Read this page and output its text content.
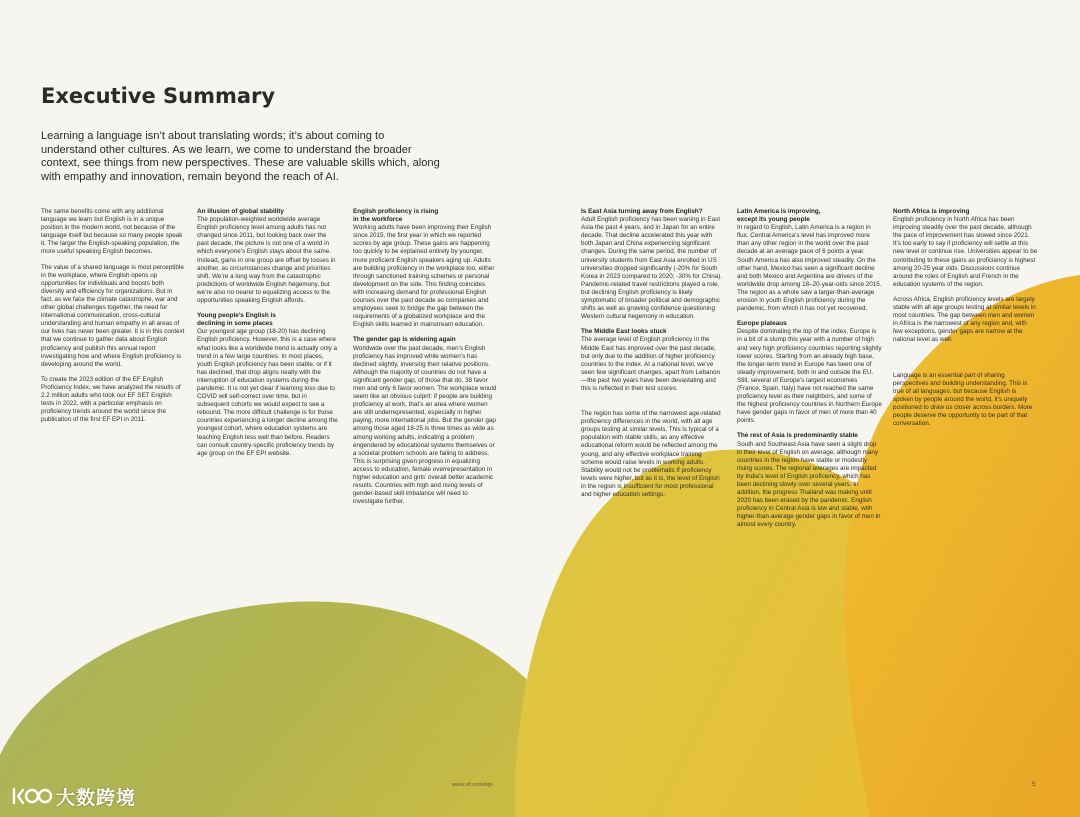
Executive Summary

Learning a language isn’t about translating words; it’s about coming to understand other cultures. As we learn, we come to understand the broader context, see things from new perspectives. These are valuable skills which, along with empathy and innovation, remain beyond the reach of AI.

The same benefits come with any additional language we learn but English is in a unique position in the modern world, not because of the language itself but because so many people speak it. The larger the English-speaking population, the more useful speaking English becomes.

The value of a shared language is most perceptible in the workplace, where English opens up opportunities for individuals and boosts both diversity and efficiency for organizations. But in fact, as we face the climate catastrophe, war and other global challenges together, the need for international communication, cross-cultural understanding and human empathy in all areas of our lives has never been greater. It is in this context that we continue to gather data about English proficiency and publish this annual report investigating how and where English proficiency is developing around the world.

To create the 2023 edition of the EF English Proficiency Index, we have analyzed the results of 2.2 million adults who took our EF SET English tests in 2022, with a particular emphasis on proficiency trends around the world since the publication of the first EF EPI in 2011.

An illusion of global stability

The population-weighted worldwide average English proficiency level among adults has not changed since 2011, but looking back over the past decade, the picture is not one of a world in which everyone’s English stays about the same. Instead, gains in one group are offset by losses in another, as circumstances change and priorities shift. We’re a long way from the catastrophic predictions of worldwide English hegemony, but we’re also no nearer to equalizing access to the opportunities speaking English affords.

Young people’s English is
declining in some places

Our youngest age group (18-20) has declining English proficiency. However, this is a case where what looks like a worldwide trend is actually only a trend in a few large countries. In most places, youth English proficiency has been stable, or if it has declined, that drop aligns neatly with the interruption of education systems during the pandemic. It is not yet clear if learning loss due to COVID will self-correct over time, but in subsequent cohorts we would expect to see a rebound. The more difficult challenge is for those countries experiencing a longer decline among the youngest cohort, where education systems are teaching English less well than before. Readers can consult country-specific proficiency trends by age group on the EF EPI website.

English proficiency is rising
in the workforce

Working adults have been improving their English since 2015, the first year in which we reported scores by age group. These gains are happening too quickly to be explained entirely by younger, more proficient English speakers aging up. Adults are building proficiency in the workplace too, either through sanctioned training schemes or personal development on the side. This finding coincides with increasing demand for professional English courses over the past decade as companies and employees seek to bridge the gap between the requirements of a globalized workplace and the English skills learned in mainstream education.

The gender gap is widening again

Worldwide over the past decade, men’s English proficiency has improved while women’s has declined slightly, inversing their relative positions. Although the majority of countries do not have a significant gender gap, of those that do, 38 favor men and only 6 favor women. The workplace would seem like an obvious culprit: if people are building proficiency at work, that’s an area where women are still underrepresented, especially in higher paying, more international jobs. But the gender gap among those aged 18-25 is three times as wide as among working adults, indicating a problem engendered by educational systems themselves or a societal problem schools are failing to address. This is surprising given progress in equalizing access to education, female overrepresentation in higher education and girls’ overall better academic results. Countries with high and rising levels of gender-based skill imbalance will need to investigate further.

Is East Asia turning away from English?

Adult English proficiency has been waning in East Asia the past 4 years, and in Japan for an entire decade. That decline accelerated this year with both Japan and China experiencing significant changes. During the same period, the number of university students from East Asia enrolled in US universities dropped significantly (-20% for South Korea in 2023 compared to 2020; -30% for China). Pandemic-related travel restrictions played a role, but declining English proficiency is likely symptomatic of broader political and demographic shifts as well as growing confidence questioning Western cultural hegemony in education.

The Middle East looks stuck

The average level of English proficiency in the Middle East has improved over the past decade, but only due to the addition of higher proficiency countries to the index. At a national level, we’ve seen few significant changes, apart from Lebanon—the past two years have been devastating and this is reflected in their test scores.

The region has some of the narrowest age-related proficiency differences in the world, with all age groups testing at similar levels. This is typical of a population with stable skills, as any effective educational reform would be reflected among the young, and any effective workplace training scheme would raise levels in working adults. Stability would not be problematic if proficiency levels were higher, but as it is, the level of English in the region is insufficient for most professional and higher education settings.

Latin America is improving,
except its young people

In regard to English, Latin America is a region in flux. Central America’s level has improved more than any other region in the world over the past decade at an average pace of 6 points a year. South America has also improved steadily. On the other hand, Mexico has seen a significant decline and both Mexico and Argentina are drivers of the worldwide drop among 18–20-year-olds since 2015. The region as a whole saw a larger-than-average erosion in youth English proficiency during the pandemic, from which it has not yet recovered.

Europe plateaus

Despite dominating the top of the index, Europe is in a bit of a slump this year with a number of high and very high proficiency countries reporting slightly lower scores. Starting from an already high base, the longer-term trend in Europe has been one of steady improvement, both in and outside the EU. Still, several of Europe’s largest economies (France, Spain, Italy) have not reached the same proficiency level as their neighbors, and some of the highest proficiency countries in Northern Europe have gender gaps in favor of men of more than 40 points.

The rest of Asia is predominantly stable

South and Southeast Asia have seen a slight drop in their level of English on average, although many countries in the region have stable or modestly rising scores. The regional averages are impacted by India’s level of English proficiency, which has been declining slowly over several years. In addition, the progress Thailand was making until 2020 has been erased by the pandemic. English proficiency in Central Asia is low and stable, with higher-than-average gender gaps in favor of men in almost every country.

North Africa is improving

English proficiency in North Africa has been improving steadily over the past decade, although the pace of improvement has slowed since 2021. It’s too early to say if proficiency will settle at this new level or continue rise. Universities appear to be contributing to these gains as proficiency is highest among 20-25 year olds. Discussions continue around the roles of English and French in the education systems of the region.

Across Africa, English proficiency levels are largely stable with all age groups testing at similar levels in most countries. The gap between men and women in Africa is the narrowest of any region and, with few exceptions, gender gaps are narrow at the national level as well.

Language is an essential part of sharing perspectives and building understanding. This is true of all languages, but because English is spoken by people around the world, it’s uniquely positioned to draw us closer across borders. More people deserve the opportunity to be part of that conversation.

www.ef.com/epi	5
大数跨境
